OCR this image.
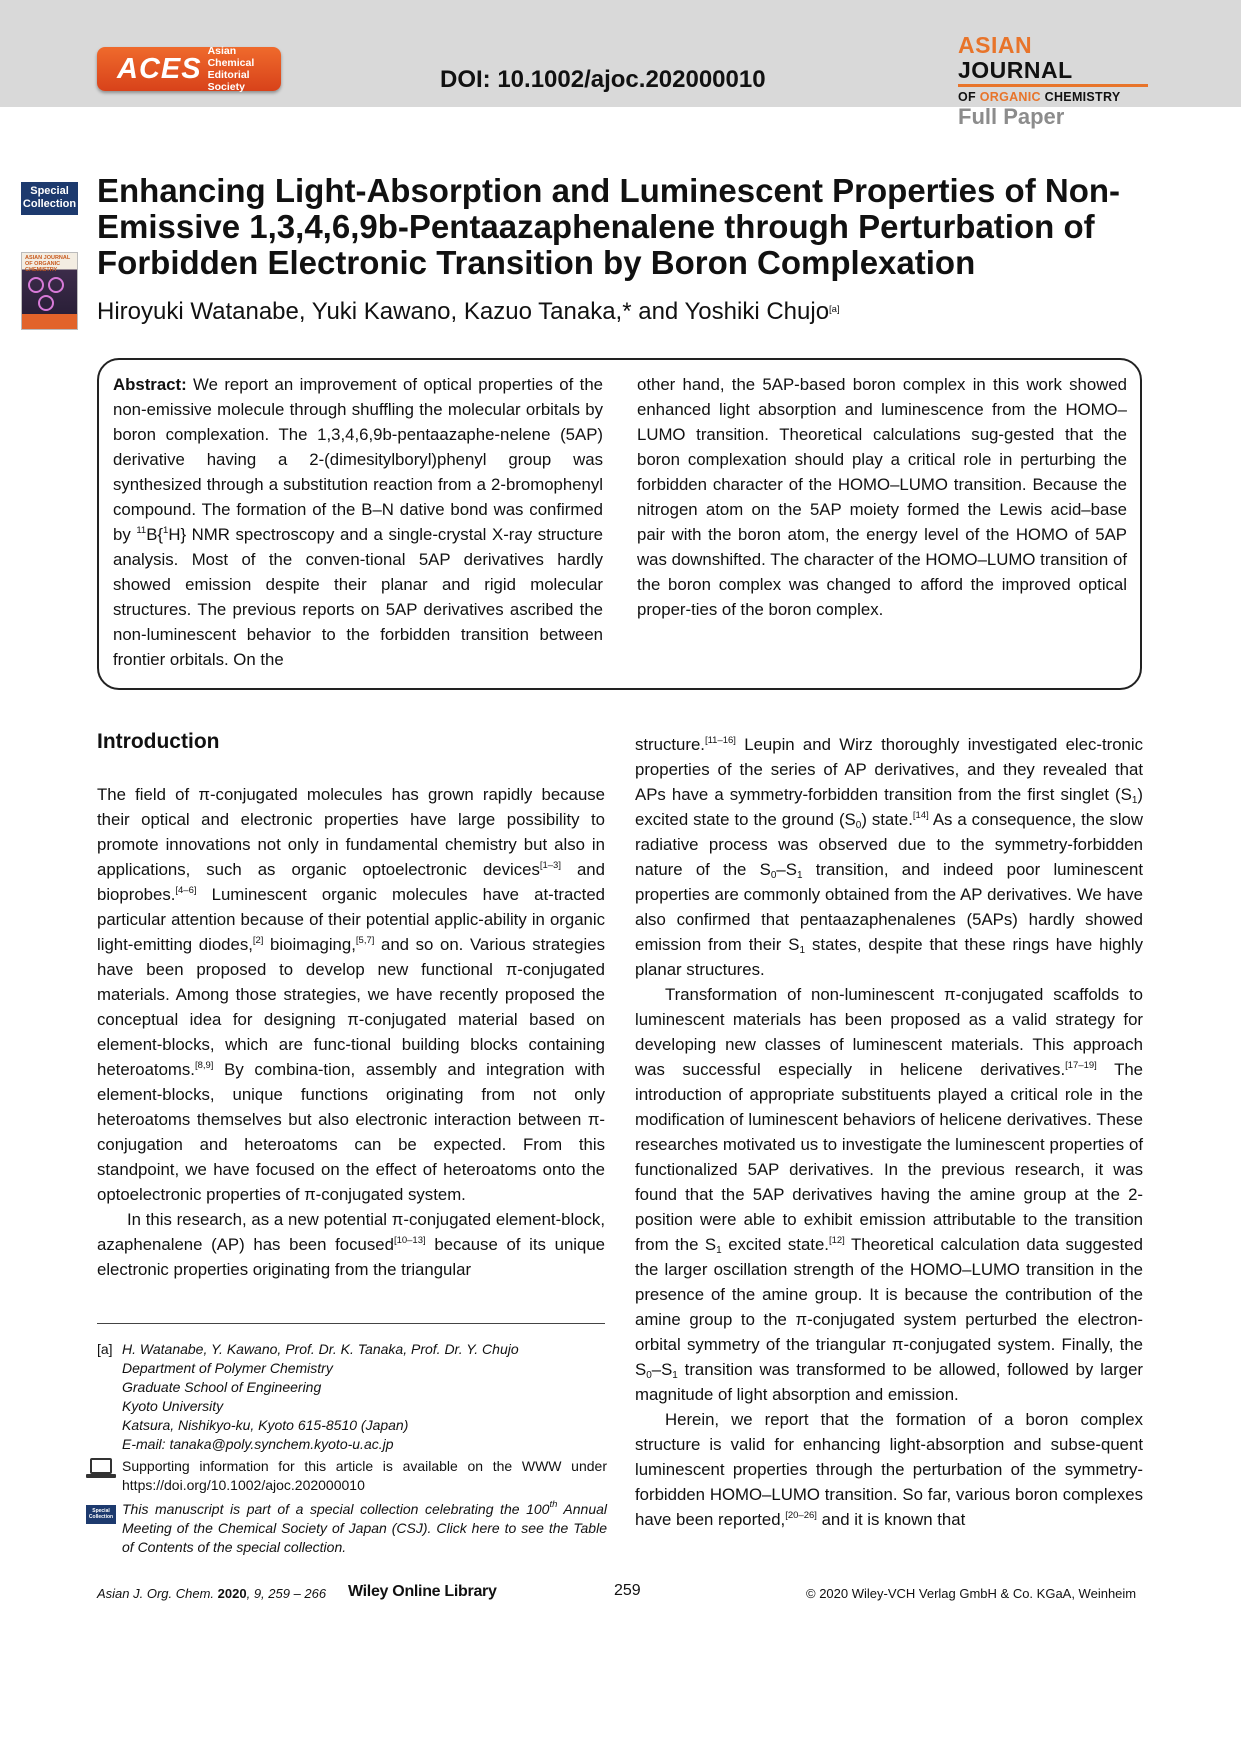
ACES
Asian Chemical
Editorial Society	DOI: 10.1002/ajoc.202000010
ASIAN JOURNAL
OF ORGANIC CHEMISTRY
Full Paper
Special
Collection
ASIAN JOURNAL
OF ORGANIC CHEMISTRY
Enhancing Light-Absorption and Luminescent Properties of Non-Emissive 1,3,4,6,9b-Pentaazaphenalene through Perturbation of Forbidden Electronic Transition by Boron Complexation
Hiroyuki Watanabe, Yuki Kawano, Kazuo Tanaka,* and Yoshiki Chujo[a]
Abstract: We report an improvement of optical properties of the non-emissive molecule through shuffling the molecular orbitals by boron complexation. The 1,3,4,6,9b-pentaazaphe-nelene (5AP) derivative having a 2-(dimesitylboryl)phenyl group was synthesized through a substitution reaction from a 2-bromophenyl compound. The formation of the B–N dative bond was confirmed by $^{11}$B{$^1$H} NMR spectroscopy and a single-crystal X-ray structure analysis. Most of the conven-tional 5AP derivatives hardly showed emission despite their planar and rigid molecular structures. The previous reports on 5AP derivatives ascribed the non-luminescent behavior to the forbidden transition between frontier orbitals. On the
other hand, the 5AP-based boron complex in this work showed enhanced light absorption and luminescence from the HOMO–LUMO transition. Theoretical calculations sug-gested that the boron complexation should play a critical role in perturbing the forbidden character of the HOMO–LUMO transition. Because the nitrogen atom on the 5AP moiety formed the Lewis acid–base pair with the boron atom, the energy level of the HOMO of 5AP was downshifted. The character of the HOMO–LUMO transition of the boron complex was changed to afford the improved optical proper-ties of the boron complex.
Introduction

The field of π-conjugated molecules has grown rapidly because their optical and electronic properties have large possibility to promote innovations not only in fundamental chemistry but also in applications, such as organic optoelectronic devices[1–3] and bioprobes.[4–6] Luminescent organic molecules have at-tracted particular attention because of their potential applic-ability in organic light-emitting diodes,[2] bioimaging,[5,7] and so on. Various strategies have been proposed to develop new functional π-conjugated materials. Among those strategies, we have recently proposed the conceptual idea for designing π-conjugated material based on element-blocks, which are func-tional building blocks containing heteroatoms.[8,9] By combina-tion, assembly and integration with element-blocks, unique functions originating from not only heteroatoms themselves but also electronic interaction between π-conjugation and heteroatoms can be expected. From this standpoint, we have focused on the effect of heteroatoms onto the optoelectronic properties of π-conjugated system.

In this research, as a new potential π-conjugated element-block, azaphenalene (AP) has been focused[10–13] because of its unique electronic properties originating from the triangular

structure.[11–16] Leupin and Wirz thoroughly investigated elec-tronic properties of the series of AP derivatives, and they revealed that APs have a symmetry-forbidden transition from the first singlet $(S_1)$ excited state to the ground $(S_0)$ state.[14] As a consequence, the slow radiative process was observed due to the symmetry-forbidden nature of the $S_0-S_1$ transition, and indeed poor luminescent properties are commonly obtained from the AP derivatives. We have also confirmed that pentaazaphenalenes (5APs) hardly showed emission from their $S_1$ states, despite that these rings have highly planar structures.

Transformation of non-luminescent π-conjugated scaffolds to luminescent materials has been proposed as a valid strategy for developing new classes of luminescent materials. This approach was successful especially in helicene derivatives.[17–19] The introduction of appropriate substituents played a critical role in the modification of luminescent behaviors of helicene derivatives. These researches motivated us to investigate the luminescent properties of functionalized 5AP derivatives. In the previous research, it was found that the 5AP derivatives having the amine group at the 2-position were able to exhibit emission attributable to the transition from the $S_1$ excited state.[12] Theoretical calculation data suggested the larger oscillation strength of the HOMO–LUMO transition in the presence of the amine group. It is because the contribution of the amine group to the π-conjugated system perturbed the electron-orbital symmetry of the triangular π-conjugated system. Finally, the $S_0-S_1$ transition was transformed to be allowed, followed by larger magnitude of light absorption and emission.

Herein, we report that the formation of a boron complex structure is valid for enhancing light-absorption and subse-quent luminescent properties through the perturbation of the symmetry-forbidden HOMO–LUMO transition. So far, various boron complexes have been reported,[20–26] and it is known that

[a] H. Watanabe, Y. Kawano, Prof. Dr. K. Tanaka, Prof. Dr. Y. Chujo
Department of Polymer Chemistry
Graduate School of Engineering
Kyoto University
Katsura, Nishikyo-ku, Kyoto 615-8510 (Japan)
E-mail: tanaka@poly.synchem.kyoto-u.ac.jp
Supporting information for this article is available on the WWW under https://doi.org/10.1002/ajoc.202000010
Special
Collection This manuscript is part of a special collection celebrating the 100th Annual Meeting of the Chemical Society of Japan (CSJ). Click here to see the Table of Contents of the special collection.
Asian J. Org. Chem. 2020, 9, 259 – 266 Wiley Online Library	259	© 2020 Wiley-VCH Verlag GmbH & Co. KGaA, Weinheim
